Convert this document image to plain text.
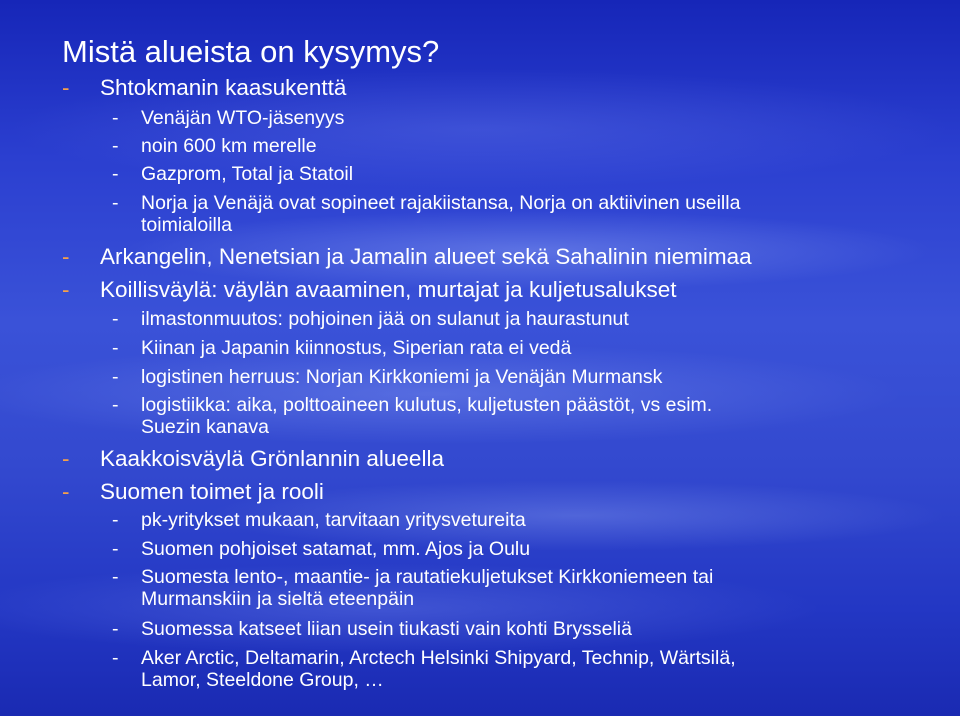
Mistä alueista on kysymys?
-	Shtokmanin kaasukenttä
-	Venäjän WTO-jäsenyys
-	noin 600 km merelle
-	Gazprom, Total ja Statoil
-	Norja ja Venäjä ovat sopineet rajakiistansa, Norja on aktiivinen useilla
toimialoilla
-	Arkangelin, Nenetsian ja Jamalin alueet sekä Sahalinin niemimaa
-	Koillisväylä: väylän avaaminen, murtajat ja kuljetusalukset
-	ilmastonmuutos: pohjoinen jää on sulanut ja haurastunut
-	Kiinan ja Japanin kiinnostus, Siperian rata ei vedä
-	logistinen herruus: Norjan Kirkkoniemi ja Venäjän Murmansk
-	logistiikka: aika, polttoaineen kulutus, kuljetusten päästöt, vs esim.
Suezin kanava
-	Kaakkoisväylä Grönlannin alueella
-	Suomen toimet ja rooli
-	pk-yritykset mukaan, tarvitaan yritysvetureita
-	Suomen pohjoiset satamat, mm. Ajos ja Oulu
-	Suomesta lento-, maantie- ja rautatiekuljetukset Kirkkoniemeen tai
Murmanskiin ja sieltä eteenpäin
-	Suomessa katseet liian usein tiukasti vain kohti Brysseliä
-	Aker Arctic, Deltamarin, Arctech Helsinki Shipyard, Technip, Wärtsilä,
Lamor, Steeldone Group, …
